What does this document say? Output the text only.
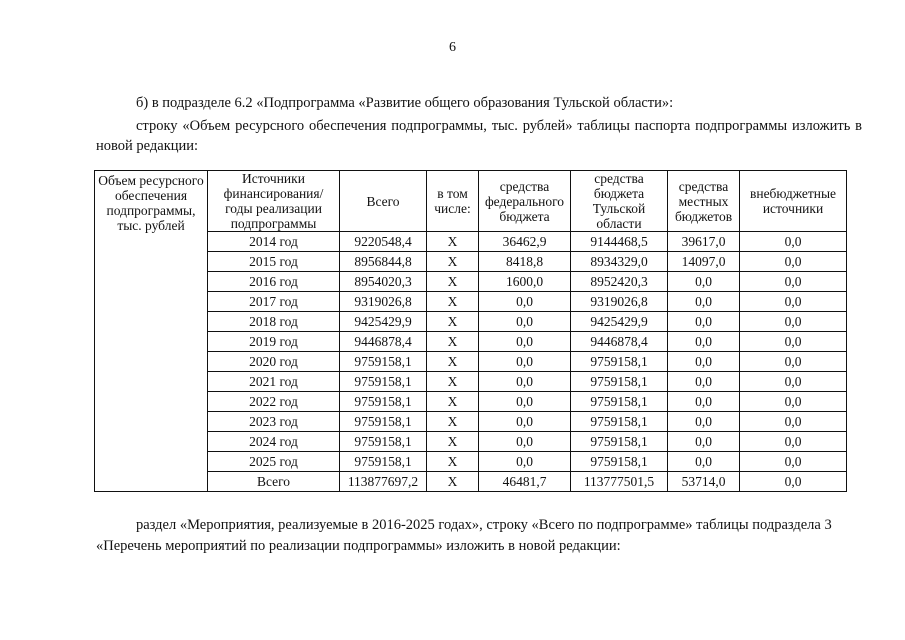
6
б) в подразделе 6.2 «Подпрограмма «Развитие общего образования Тульской области»:
строку «Объем ресурсного обеспечения подпрограммы, тыс. рублей» таблицы паспорта подпрограммы изложить в новой редакции:
Объем ресурсного обеспечения подпрограммы, тыс. рублей	Источники финансирования/ годы реализации подпрограммы	Всего	в том числе:	средства федерального бюджета	средства бюджета Тульской области	средства местных бюджетов	внебюджетные источники
	2014 год	9220548,4	X	36462,9	9144468,5	39617,0	0,0
	2015 год	8956844,8	X	8418,8	8934329,0	14097,0	0,0
	2016 год	8954020,3	X	1600,0	8952420,3	0,0	0,0
	2017 год	9319026,8	X	0,0	9319026,8	0,0	0,0
	2018 год	9425429,9	X	0,0	9425429,9	0,0	0,0
	2019 год	9446878,4	X	0,0	9446878,4	0,0	0,0
	2020 год	9759158,1	X	0,0	9759158,1	0,0	0,0
	2021 год	9759158,1	X	0,0	9759158,1	0,0	0,0
	2022 год	9759158,1	X	0,0	9759158,1	0,0	0,0
	2023 год	9759158,1	X	0,0	9759158,1	0,0	0,0
	2024 год	9759158,1	X	0,0	9759158,1	0,0	0,0
	2025 год	9759158,1	X	0,0	9759158,1	0,0	0,0
	Всего	113877697,2	X	46481,7	113777501,5	53714,0	0,0
раздел «Мероприятия, реализуемые в 2016-2025 годах», строку «Всего по подпрограмме» таблицы подраздела 3 «Перечень мероприятий по реализации подпрограммы» изложить в новой редакции:
